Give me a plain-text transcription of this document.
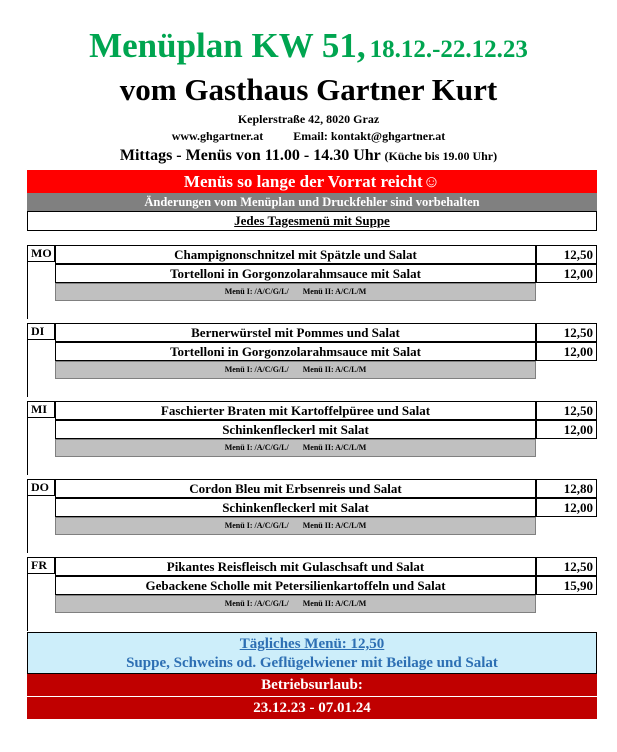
Menüplan KW 51, 18.12.-22.12.23
vom Gasthaus Gartner Kurt
Keplerstraße 42, 8020 Graz
www.ghgartner.at	Email: kontakt@ghgartner.at
Mittags - Menüs von 11.00 - 14.30 Uhr (Küche bis 19.00 Uhr)
Menüs so lange der Vorrat reicht☺
Änderungen vom Menüplan und Druckfehler sind vorbehalten
Jedes Tagesmenü mit Suppe
MO	Champignonschnitzel mit Spätzle und Salat	12,50
Tortelloni in Gorgonzolarahmsauce mit Salat	12,00
Menü I: /A/C/G/L/ Menü II: A/C/L/M
DI	Bernerwürstel mit Pommes und Salat	12,50
Tortelloni in Gorgonzolarahmsauce mit Salat	12,00
Menü I: /A/C/G/L/ Menü II: A/C/L/M
MI	Faschierter Braten mit Kartoffelpüree und Salat	12,50
Schinkenfleckerl mit Salat	12,00
Menü I: /A/C/G/L/ Menü II: A/C/L/M
DO	Cordon Bleu mit Erbsenreis und Salat	12,80
Schinkenfleckerl mit Salat	12,00
Menü I: /A/C/G/L/ Menü II: A/C/L/M
FR	Pikantes Reisfleisch mit Gulaschsaft und Salat	12,50
Gebackene Scholle mit Petersilienkartoffeln und Salat	15,90
Menü I: /A/C/G/L/ Menü II: A/C/L/M
Tägliches Menü: 12,50
Suppe, Schweins od. Geflügelwiener mit Beilage und Salat
Betriebsurlaub:
23.12.23 - 07.01.24
